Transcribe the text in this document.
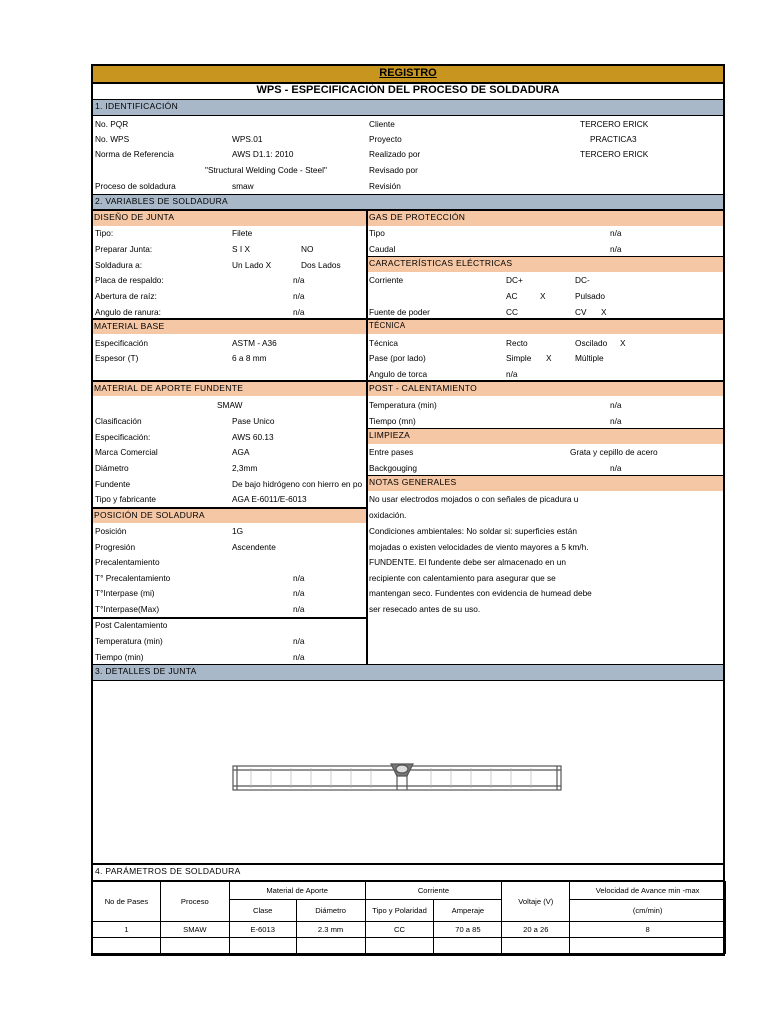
REGISTRO
WPS - ESPECIFICACIÓN DEL PROCESO DE SOLDADURA
1. IDENTIFICACIÓN
No. PQR
No. WPS	WPS.01
Norma de Referencia	AWS D1.1: 2010
"Structural Welding Code - Steel"
Proceso de soldadura	smaw
Cliente	TERCERO ERICK
Proyecto	PRACTICA3
Realizado por	TERCERO ERICK
Revisado por
Revisión
2. VARIABLES DE SOLDADURA
DISEÑO DE JUNTA
Tipo:	Filete
Preparar Junta:	S I X	NO
Soldadura a:	Un Lado X	Dos Lados
Placa de respaldo:	n/a
Abertura de raíz:	n/a
Angulo de ranura:	n/a
GAS DE PROTECCIÓN
Tipo	n/a
Caudal	n/a
CARACTERÍSTICAS ELÉCTRICAS
Corriente	DC+	DC-
AC	X	Pulsado
Fuente de poder	CC	CV X
MATERIAL BASE
Especificación	ASTM - A36
Espesor (T)	6 a 8 mm
TÉCNICA
Técnica	Recto	Oscilado X
Pase (por lado)	Simple X	Múltiple
Angulo de torca	n/a
MATERIAL DE APORTE FUNDENTE
SMAW
Clasificación	Pase Unico
Especificación:	AWS 60.13
Marca Comercial	AGA
Diámetro	2,3mm
Fundente	De bajo hidrógeno con hierro en po
Tipo y fabricante	AGA E-6011/E-6013
POST - CALENTAMIENTO
Temperatura (min)	n/a
Tiempo (mn)	n/a
LIMPIEZA
Entre pases	Grata y cepillo de acero
Backgouging	n/a
NOTAS GENERALES
No usar electrodos mojados o con señales de picadura u
oxidación.
Condiciones ambientales: No soldar si: superficies están
mojadas o existen velocidades de viento mayores a 5 km/h.
FUNDENTE. El fundente debe ser almacenado en un
recipiente con calentamiento para asegurar que se
mantengan seco. Fundentes con evidencia de humead debe
ser resecado antes de su uso.
POSICIÓN DE SOLADURA
Posición	1G
Progresión	Ascendente
Precalentamiento
T° Precalentamiento	n/a
T°Interpase (mi)	n/a
T°Interpase(Max)	n/a
Post Calentamiento
Temperatura (min)	n/a
Tiempo (min)	n/a
3. DETALLES DE JUNTA
4. PARÁMETROS DE SOLDADURA
No de Pases	Proceso	Material de Aporte		Corriente		Voltaje (V)	Velocidad de Avance min -max
		Clase	Diámetro	Tipo y Polaridad	Amperaje		(cm/min)
1	SMAW	E-6013	2.3 mm	CC	70 a 85	20 a 26	8
